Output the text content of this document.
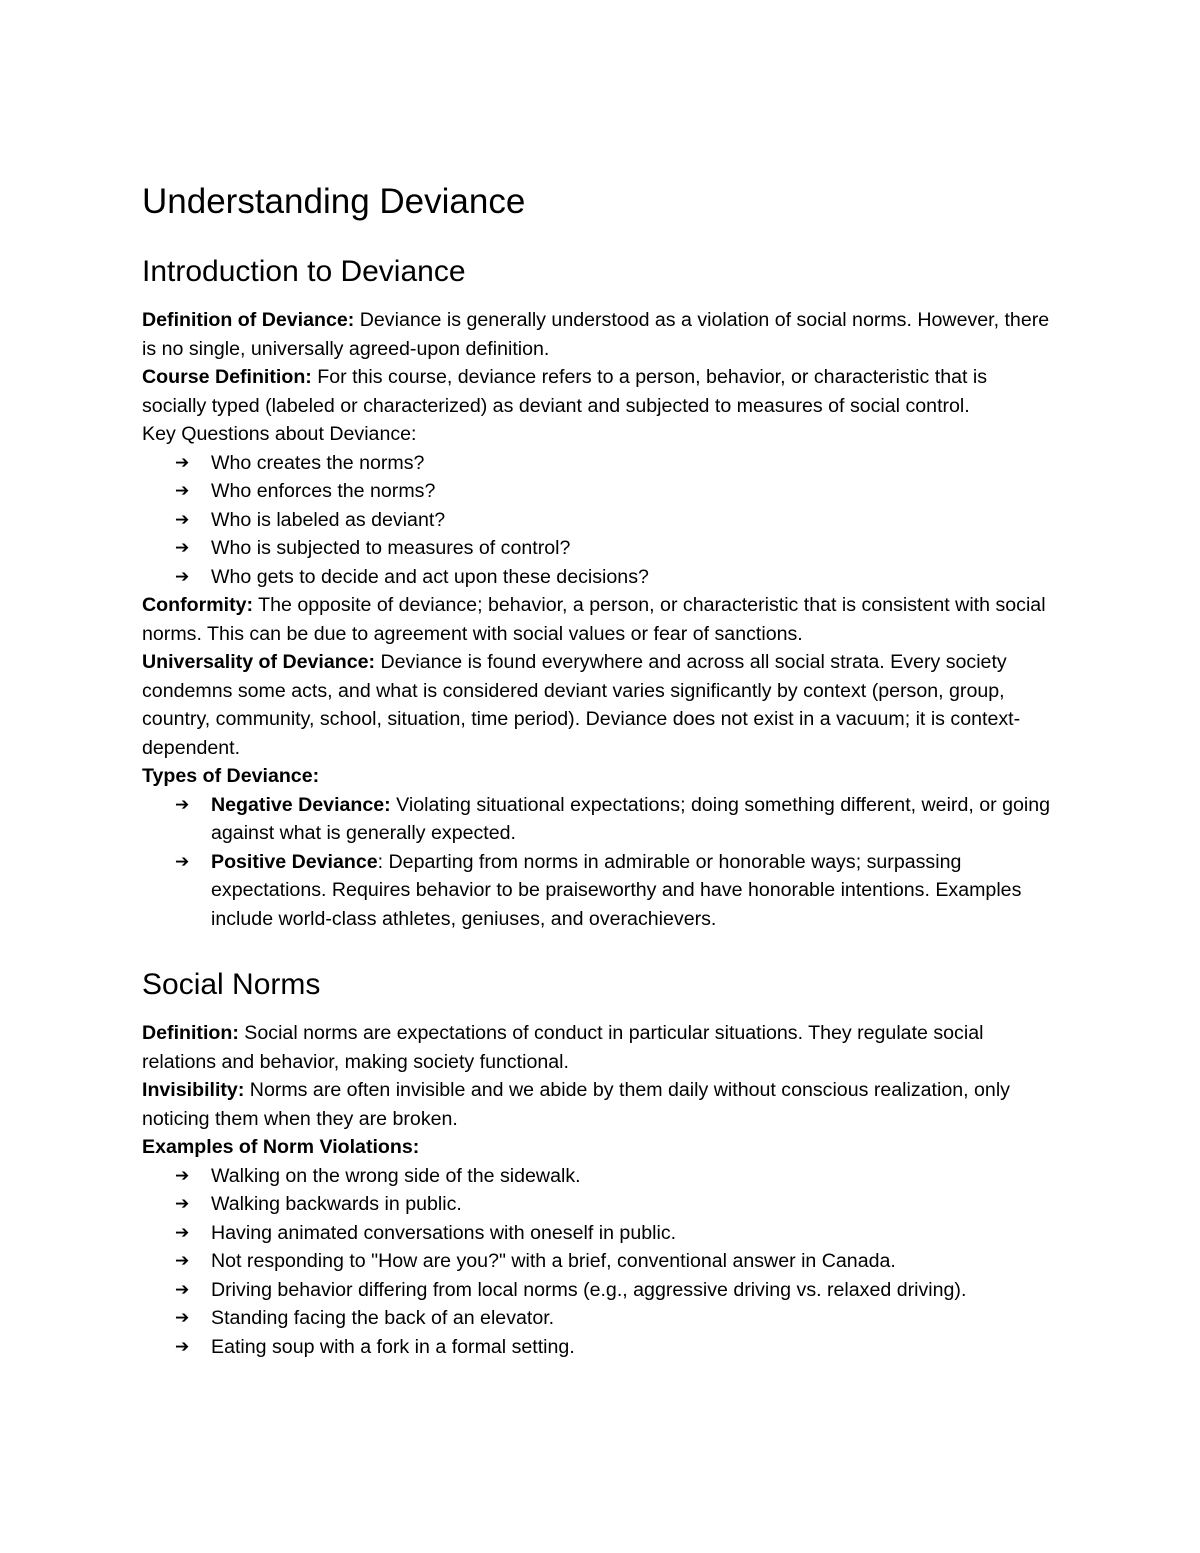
Understanding Deviance
Introduction to Deviance

Definition of Deviance: Deviance is generally understood as a violation of social norms. However, there is no single, universally agreed-upon definition.

Course Definition: For this course, deviance refers to a person, behavior, or characteristic that is socially typed (labeled or characterized) as deviant and subjected to measures of social control.

Key Questions about Deviance:

➔	Who creates the norms?
➔	Who enforces the norms?
➔	Who is labeled as deviant?
➔	Who is subjected to measures of control?
➔	Who gets to decide and act upon these decisions?

Conformity: The opposite of deviance; behavior, a person, or characteristic that is consistent with social norms. This can be due to agreement with social values or fear of sanctions.

Universality of Deviance: Deviance is found everywhere and across all social strata. Every society condemns some acts, and what is considered deviant varies significantly by context (person, group, country, community, school, situation, time period). Deviance does not exist in a vacuum; it is context-dependent.

Types of Deviance:

➔	Negative Deviance: Violating situational expectations; doing something different, weird, or going against what is generally expected.
➔	Positive Deviance: Departing from norms in admirable or honorable ways; surpassing expectations. Requires behavior to be praiseworthy and have honorable intentions. Examples include world-class athletes, geniuses, and overachievers.
Social Norms

Definition: Social norms are expectations of conduct in particular situations. They regulate social relations and behavior, making society functional.

Invisibility: Norms are often invisible and we abide by them daily without conscious realization, only noticing them when they are broken.

Examples of Norm Violations:

➔	Walking on the wrong side of the sidewalk.
➔	Walking backwards in public.
➔	Having animated conversations with oneself in public.
➔	Not responding to "How are you?" with a brief, conventional answer in Canada.
➔	Driving behavior differing from local norms (e.g., aggressive driving vs. relaxed driving).
➔	Standing facing the back of an elevator.
➔	Eating soup with a fork in a formal setting.
